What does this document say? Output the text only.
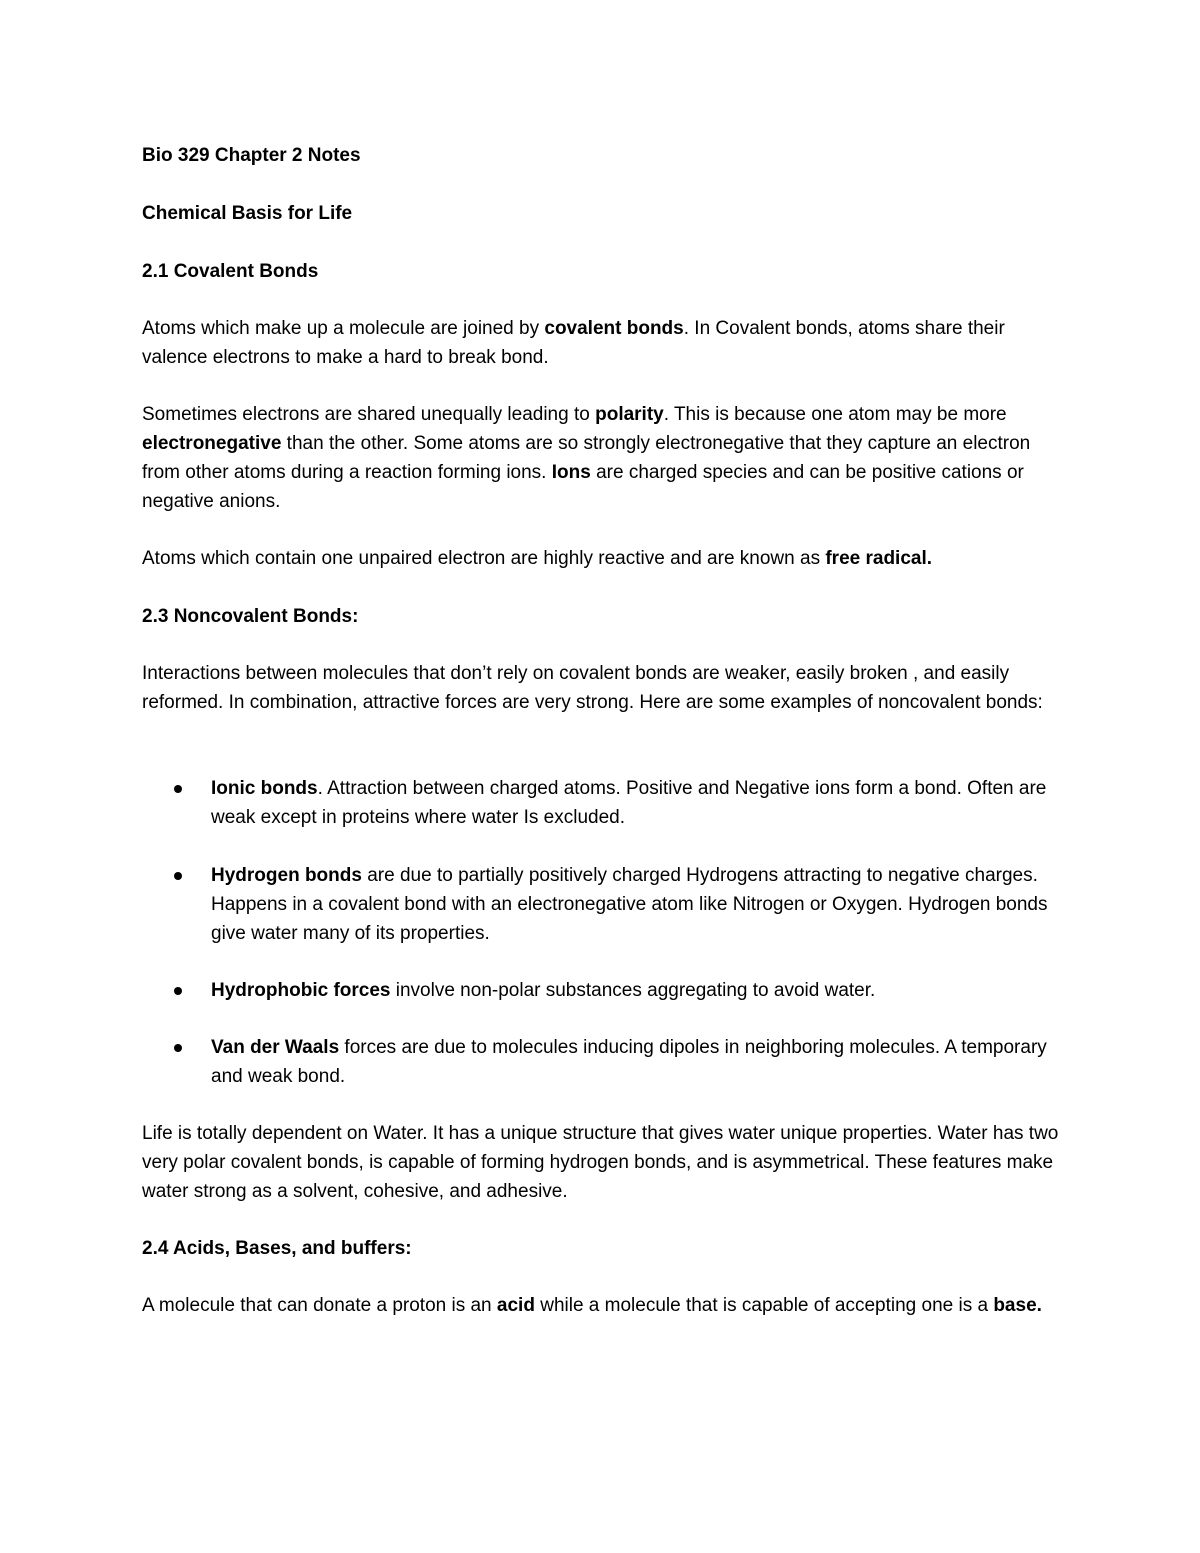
Bio 329 Chapter 2 Notes

Chemical Basis for Life

2.1 Covalent Bonds

Atoms which make up a molecule are joined by covalent bonds. In Covalent bonds, atoms share their valence electrons to make a hard to break bond.

Sometimes electrons are shared unequally leading to polarity. This is because one atom may be more electronegative than the other. Some atoms are so strongly electronegative that they capture an electron from other atoms during a reaction forming ions. Ions are charged species and can be positive cations or negative anions.

Atoms which contain one unpaired electron are highly reactive and are known as free radical.

2.3 Noncovalent Bonds:

Interactions between molecules that don’t rely on covalent bonds are weaker, easily broken , and easily reformed. In combination, attractive forces are very strong. Here are some examples of noncovalent bonds:

Ionic bonds. Attraction between charged atoms. Positive and Negative ions form a bond. Often are weak except in proteins where water Is excluded.

Hydrogen bonds are due to partially positively charged Hydrogens attracting to negative charges. Happens in a covalent bond with an electronegative atom like Nitrogen or Oxygen. Hydrogen bonds give water many of its properties.

Hydrophobic forces involve non-polar substances aggregating to avoid water.

Van der Waals forces are due to molecules inducing dipoles in neighboring molecules. A temporary and weak bond.

Life is totally dependent on Water. It has a unique structure that gives water unique properties. Water has two very polar covalent bonds, is capable of forming hydrogen bonds, and is asymmetrical. These features make water strong as a solvent, cohesive, and adhesive.

2.4 Acids, Bases, and buffers:

A molecule that can donate a proton is an acid while a molecule that is capable of accepting one is a base.
